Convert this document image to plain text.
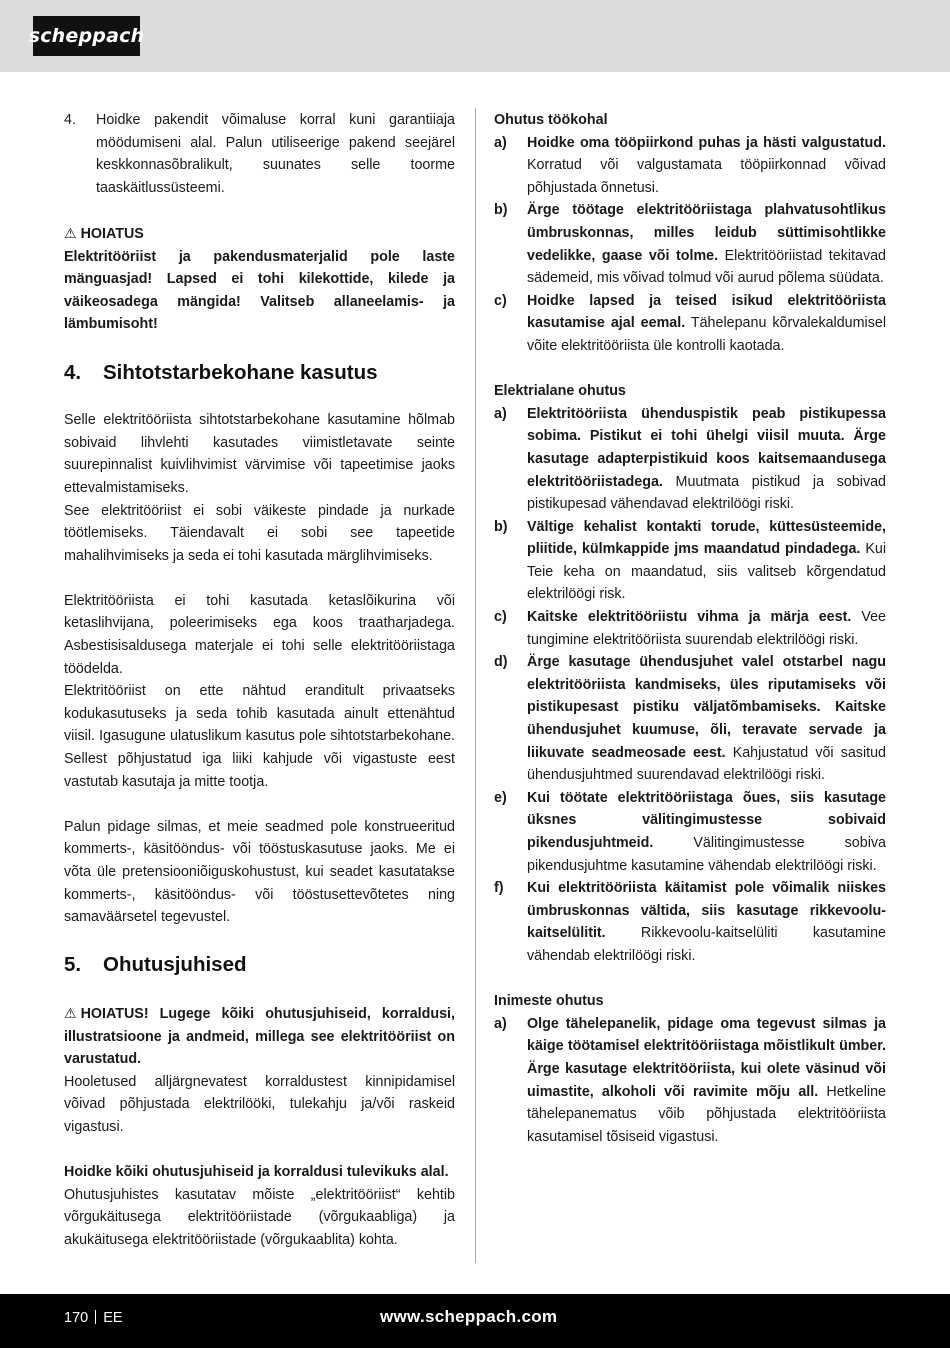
scheppach
4.	Hoidke pakendit võimaluse korral kuni garantiiaja möödumiseni alal. Palun utiliseerige pakend seejärel keskkonnasõbralikult, suunates selle toorme taaskäitlussüsteemi.

⚠ HOIATUS

Elektritööriist ja pakendusmaterjalid pole laste mänguasjad! Lapsed ei tohi kilekottide, kilede ja väikeosadega mängida! Valitseb allaneelamis- ja lämbumisoht!

4.	Sihtotstarbekohane kasutus

Selle elektritööriista sihtotstarbekohane kasutamine hõlmab sobivaid lihvlehti kasutades viimistletavate seinte suurepinnalist kuivlihvimist värvimise või tapeetimise jaoks ettevalmistamiseks.

See elektritööriist ei sobi väikeste pindade ja nurkade töötlemiseks. Täiendavalt ei sobi see tapeetide mahalihvimiseks ja seda ei tohi kasutada märglihvimiseks.

Elektritööriista ei tohi kasutada ketaslõikurina või ketaslihvijana, poleerimiseks ega koos traatharjadega. Asbestisisaldusega materjale ei tohi selle elektritööriistaga töödelda.

Elektritööriist on ette nähtud eranditult privaatseks kodukasutuseks ja seda tohib kasutada ainult ettenähtud viisil. Igasugune ulatuslikum kasutus pole sihtotstarbekohane. Sellest põhjustatud iga liiki kahjude või vigastuste eest vastutab kasutaja ja mitte tootja.

Palun pidage silmas, et meie seadmed pole konstrueeritud kommerts-, käsitööndus- või tööstuskasutuse jaoks. Me ei võta üle pretensiooniõiguskohustust, kui seadet kasutatakse kommerts-, käsitööndus- või tööstusettevõtetes ning samaväärsetel tegevustel.

5.	Ohutusjuhised

⚠ HOIATUS! Lugege kõiki ohutusjuhiseid, korraldusi, illustratsioone ja andmeid, millega see elektritööriist on varustatud.

Hooletused alljärgnevatest korraldustest kinnipidamisel võivad põhjustada elektrilööki, tulekahju ja/või raskeid vigastusi.

Hoidke kõiki ohutusjuhiseid ja korraldusi tulevikuks alal.

Ohutusjuhistes kasutatav mõiste „elektritööriist“ kehtib võrgukäitusega elektritööriistade (võrgukaabliga) ja akukäitusega elektritööriistade (võrgukaablita) kohta.

Ohutus töökohal

a)	Hoidke oma tööpiirkond puhas ja hästi valgustatud. Korratud või valgustamata tööpiirkonnad võivad põhjustada õnnetusi.
b)	Ärge töötage elektritööriistaga plahvatusohtlikus ümbruskonnas, milles leidub süttimisohtlikke vedelikke, gaase või tolme. Elektritööriistad tekitavad sädemeid, mis võivad tolmud või aurud põlema süüdata.
c)	Hoidke lapsed ja teised isikud elektritööriista kasutamise ajal eemal. Tähelepanu kõrvalekaldumisel võite elektritööriista üle kontrolli kaotada.

Elektrialane ohutus

a)	Elektritööriista ühenduspistik peab pistikupessa sobima. Pistikut ei tohi ühelgi viisil muuta. Ärge kasutage adapterpistikuid koos kaitsemaandusega elektritööriistadega. Muutmata pistikud ja sobivad pistikupesad vähendavad elektrilöögi riski.
b)	Vältige kehalist kontakti torude, küttesüsteemide, pliitide, külmkappide jms maandatud pindadega. Kui Teie keha on maandatud, siis valitseb kõrgendatud elektrilöögi risk.
c)	Kaitske elektritööriistu vihma ja märja eest. Vee tungimine elektritööriista suurendab elektrilöögi riski.
d)	Ärge kasutage ühendusjuhet valel otstarbel nagu elektritööriista kandmiseks, üles riputamiseks või pistikupesast pistiku väljatõmbamiseks. Kaitske ühendusjuhet kuumuse, õli, teravate servade ja liikuvate seadmeosade eest. Kahjustatud või sasitud ühendusjuhtmed suurendavad elektrilöögi riski.
e)	Kui töötate elektritööriistaga õues, siis kasutage üksnes välitingimustesse sobivaid pikendusjuhtmeid. Välitingimustesse sobiva pikendusjuhtme kasutamine vähendab elektrilöögi riski.
f)	Kui elektritööriista käitamist pole võimalik niiskes ümbruskonnas vältida, siis kasutage rikkevoolu-kaitselülitit. Rikkevoolu-kaitselüliti kasutamine vähendab elektrilöögi riski.

Inimeste ohutus

a)	Olge tähelepanelik, pidage oma tegevust silmas ja käige töötamisel elektritööriistaga mõistlikult ümber. Ärge kasutage elektritööriista, kui olete väsinud või uimastite, alkoholi või ravimite mõju all. Hetkeline tähelepanematus võib põhjustada elektritööriista kasutamisel tõsiseid vigastusi.
170 EE	www.scheppach.com
